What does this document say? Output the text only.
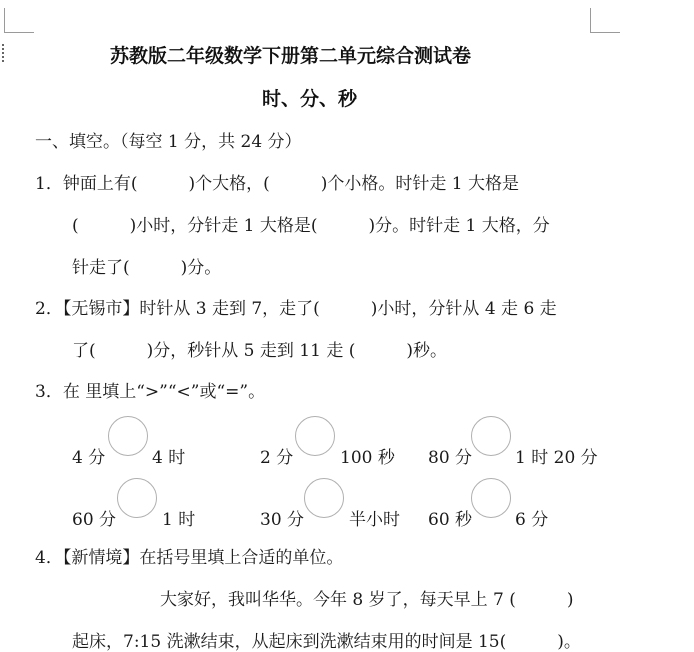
苏教版二年级数学下册第二单元综合测试卷
时、分、秒
一、填空。（每空 1 分，共 24 分）
1．钟面上有(　　　)个大格，(　　　)个小格。时针走 1 大格是
(　　　)小时，分针走 1 大格是(　　　)分。时针走 1 大格，分
针走了(　　　)分。
2．【无锡市】时针从 3 走到 7，走了(　　　)小时，分针从 4 走 6 走
了(　　　)分，秒针从 5 走到 11 走 (　　　)秒。
3．在 里填上“>”“<”或“=”。
4 分	4 时	2 分	100 秒 80 分	1 时 20 分
60 分	1 时	30 分	半小时 60 秒	6 分
4．【新情境】在括号里填上合适的单位。
大家好，我叫华华。今年 8 岁了，每天早上 7 (　　　)
起床，7:15 洗漱结束，从起床到洗漱结束用的时间是 15(　　　)。
